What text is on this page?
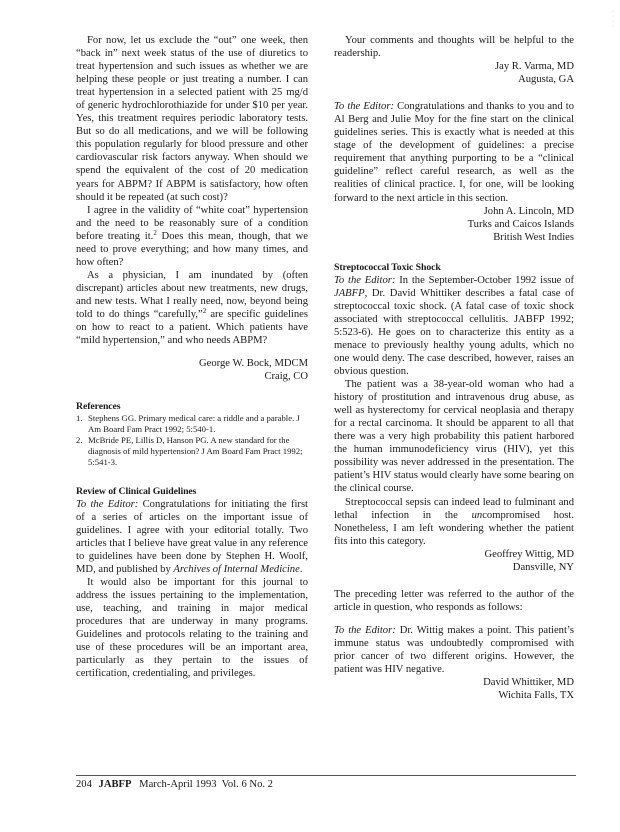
·
·
·
·

For now, let us exclude the “out” one week, then “back in” next week status of the use of diuretics to treat hypertension and such issues as whether we are helping these people or just treating a number. I can treat hypertension in a selected patient with 25 mg/d of generic hydrochlorothiazide for under $10 per year. Yes, this treatment requires periodic laboratory tests. But so do all medications, and we will be following this population regularly for blood pressure and other cardiovascular risk factors anyway. When should we spend the equivalent of the cost of 20 medication years for ABPM? If ABPM is satisfactory, how often should it be repeated (at such cost)?

I agree in the validity of “white coat” hypertension and the need to be reasonably sure of a condition before treating it.$^2$ Does this mean, though, that we need to prove everything; and how many times, and how often?

As a physician, I am inundated by (often discrepant) articles about new treatments, new drugs, and new tests. What I really need, now, beyond being told to do things “carefully,”$^2$ are specific guidelines on how to react to a patient. Which patients have “mild hypertension,” and who needs ABPM?

George W. Bock, MDCM
Craig, CO
References
1. Stephens GG. Primary medical care: a riddle and a parable. J Am Board Fam Pract 1992; 5:540-1.
2. McBride PE, Lillis D, Hanson PG. A new standard for the diagnosis of mild hypertension? J Am Board Fam Pract 1992; 5:541-3.
Review of Clinical Guidelines

To the Editor: Congratulations for initiating the first of a series of articles on the important issue of guidelines. I agree with your editorial totally. Two articles that I believe have great value in any reference to guidelines have been done by Stephen H. Woolf, MD, and published by Archives of Internal Medicine.

It would also be important for this journal to address the issues pertaining to the implementation, use, teaching, and training in major medical procedures that are underway in many programs. Guidelines and protocols relating to the training and use of these procedures will be an important area, particularly as they pertain to the issues of certification, credentialing, and privileges.

Your comments and thoughts will be helpful to the readership.

Jay R. Varma, MD
Augusta, GA

To the Editor: Congratulations and thanks to you and to Al Berg and Julie Moy for the fine start on the clinical guidelines series. This is exactly what is needed at this stage of the development of guidelines: a precise requirement that anything purporting to be a “clinical guideline” reflect careful research, as well as the realities of clinical practice. I, for one, will be looking forward to the next article in this section.

John A. Lincoln, MD
Turks and Caicos Islands
British West Indies
Streptococcal Toxic Shock

To the Editor: In the September-October 1992 issue of JABFP, Dr. David Whittiker describes a fatal case of streptococcal toxic shock. (A fatal case of toxic shock associated with streptococcal cellulitis. JABFP 1992; 5:523-6). He goes on to characterize this entity as a menace to previously healthy young adults, which no one would deny. The case described, however, raises an obvious question.

The patient was a 38-year-old woman who had a history of prostitution and intravenous drug abuse, as well as hysterectomy for cervical neoplasia and therapy for a rectal carcinoma. It should be apparent to all that there was a very high probability this patient harbored the human immunodeficiency virus (HIV), yet this possibility was never addressed in the presentation. The patient’s HIV status would clearly have some bearing on the clinical course.

Streptococcal sepsis can indeed lead to fulminant and lethal infection in the uncompromised host. Nonetheless, I am left wondering whether the patient fits into this category.

Geoffrey Wittig, MD
Dansville, NY

The preceding letter was referred to the author of the article in question, who responds as follows:

To the Editor: Dr. Wittig makes a point. This patient’s immune status was undoubtedly compromised with prior cancer of two different origins. However, the patient was HIV negative.

David Whittiker, MD
Wichita Falls, TX
204 JABFP March-April 1993  Vol. 6 No. 2
